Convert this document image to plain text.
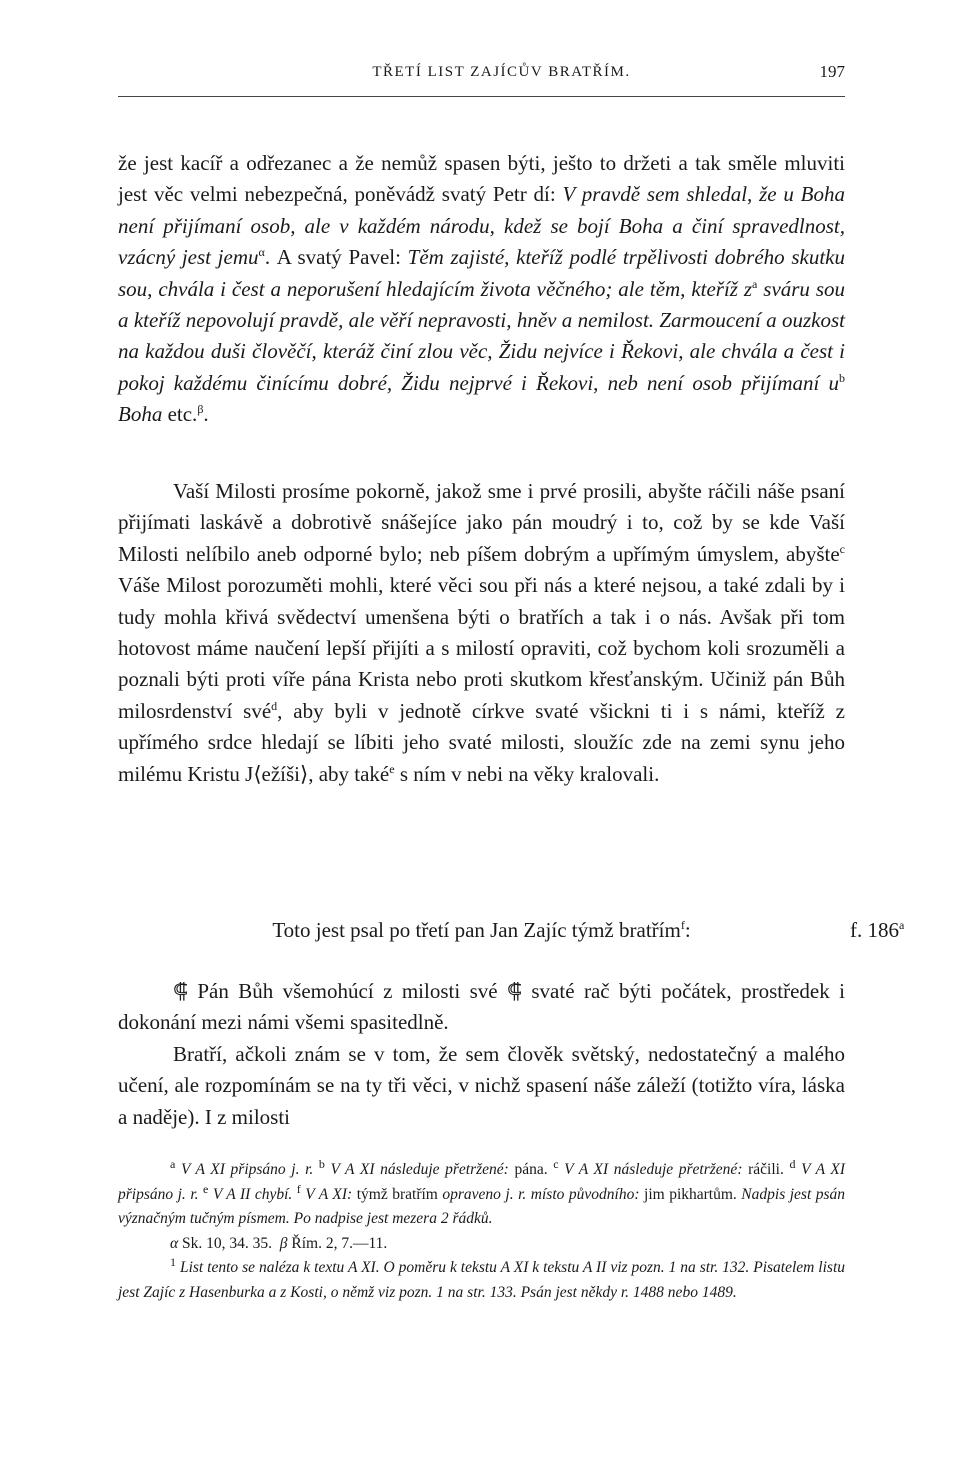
TŘETÍ LIST ZAJÍCŮV BRATŘÍM.	197

že jest kacíř a odřezanec a že nemůž spasen býti, ješto to držeti a tak směle mluviti jest věc velmi nebezpečná, poněvádž svatý Petr dí: V pravdě sem shledal, že u Boha není přijímaní osob, ale v každém národu, kdež se bojí Boha a činí spravedlnost, vzácný jest jemu$^\alpha$. A svatý Pavel: Těm zajisté, kteříž podlé trpělivosti dobrého skutku sou, chvála i čest a neporušení hledajícím života věčného; ale těm, kteříž $z^a$ sváru sou a kteříž nepovolují pravdě, ale věří nepravosti, hněv a nemilost. Zarmoucení a ouzkost na každou duši člověčí, kteráž činí zlou věc, Židu nejvíce i Řekovi, ale chvála a čest i pokoj každému činícímu dobré, Židu nejprvé i Řekovi, neb není osob přijímaní $u^b$ Boha etc.$^\beta$.

Vaší Milosti prosíme pokorně, jakož sme i prvé prosili, abyšte ráčili náše psaní přijímati laskávě a dobrotivě snášejíce jako pán moudrý i to, což by se kde Vaší Milosti nelíbilo aneb odporné bylo; neb píšem dobrým a upřímým úmyslem, abyšte$^c$ Váše Milost porozuměti mohli, které věci sou při nás a které nejsou, a také zdali by i tudy mohla křivá svědectví umenšena býti o bratřích a tak i o nás. Avšak při tom hotovost máme naučení lepší přijíti a s milostí opraviti, což bychom koli srozuměli a poznali býti proti víře pána Krista nebo proti skutkom křesťanským. Učiniž pán Bůh milosrdenství své$^d$, aby byli v jednotě církve svaté všickni ti i s námi, kteříž z upřímého srdce hledají se líbiti jeho svaté milosti, sloužíc zde na zemi synu jeho milému Kristu J⟨ežíši⟩, aby také$^e$ s ním v nebi na věky kralovali.

Toto jest psal po třetí pan Jan Zajíc týmž bratřím$^f$:	f. 186$^a$

⸿ Pán Bůh všemohúcí z milosti své ⸿ svaté rač býti počátek, prostředek i dokonání mezi námi všemi spasitedlně.

Bratří, ačkoli znám se v tom, že sem člověk světský, nedostatečný a malého učení, ale rozpomínám se na ty tři věci, v nichž spasení náše záleží (totižto víra, láska a naděje). I z milosti

$^a$ V A XI připsáno j. r. $^b$ V A XI následuje přetržené: pána. $^c$ V A XI následuje přetržené: ráčili. $^d$ V A XI připsáno j. r. $^e$ V A II chybí. $^f$ V A XI: týmž bratřím opraveno j. r. místo původního: jim pikhartům. Nadpis jest psán význačným tučným písmem. Po nadpise jest mezera 2 řádků.

α Sk. 10, 34. 35. β Řím. 2, 7.—11.

$^1$ List tento se naléza k textu A XI. O poměru k tekstu A XI k tekstu A II viz pozn. 1 na str. 132. Pisatelem listu jest Zajíc z Hasenburka a z Kosti, o němž viz pozn. 1 na str. 133. Psán jest někdy r. 1488 nebo 1489.
